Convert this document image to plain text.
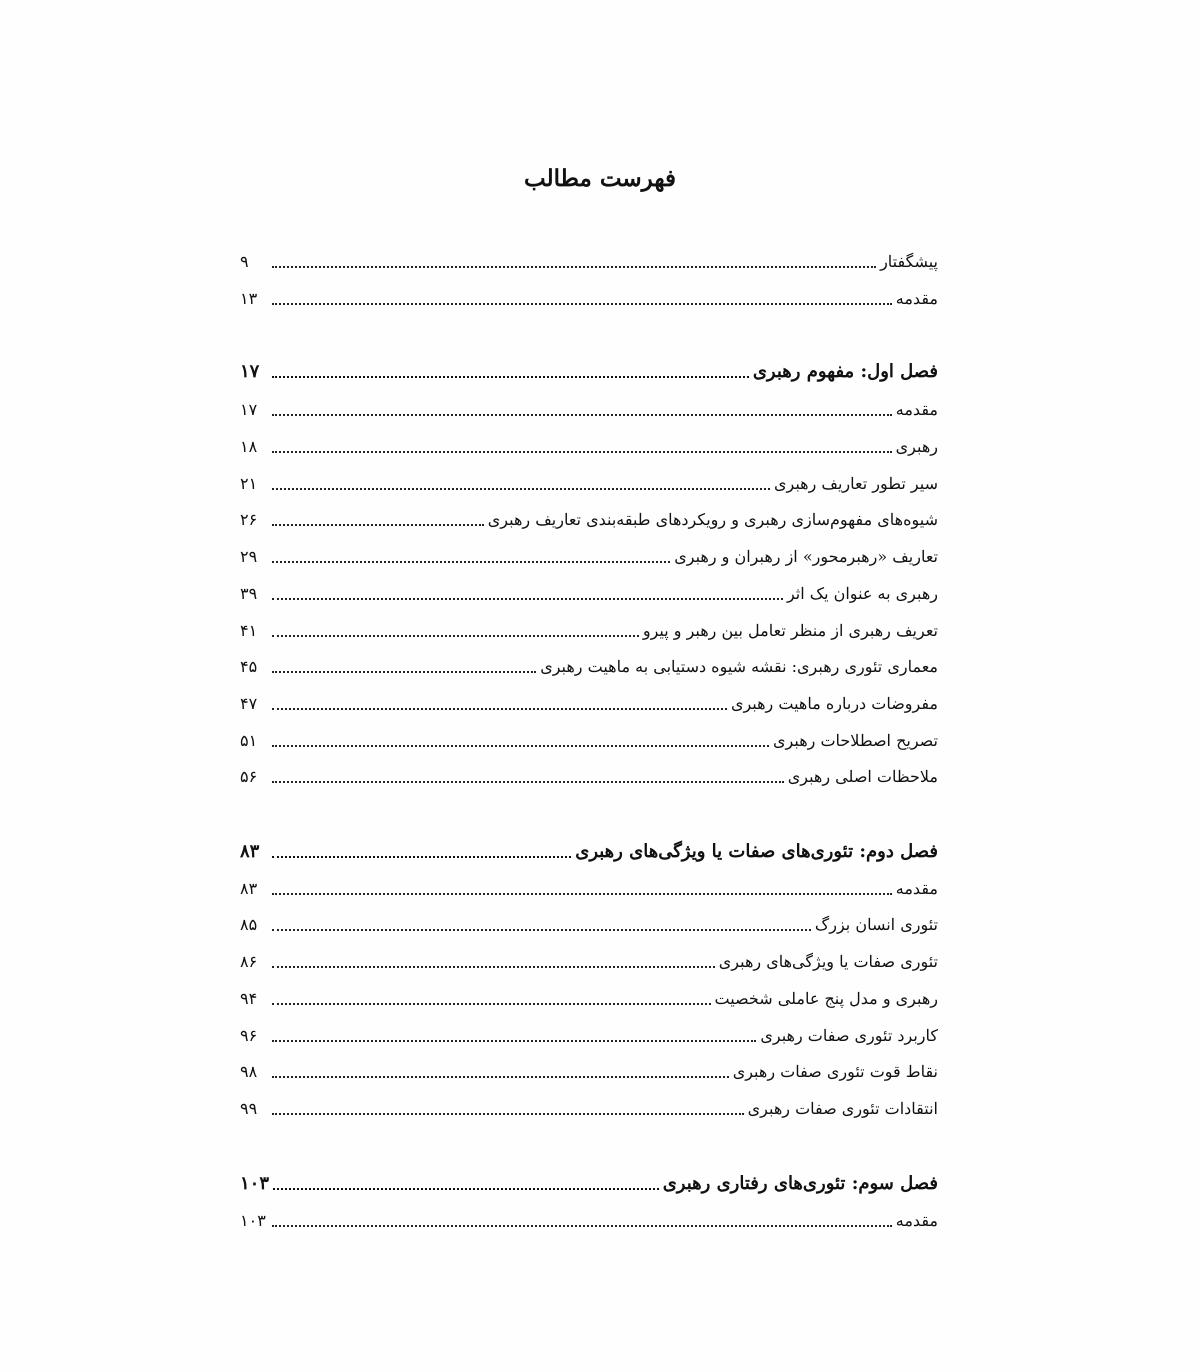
فهرست مطالب
پیشگفتار
۹
مقدمه
۱۳
فصل اول: مفهوم رهبری
۱۷
مقدمه
۱۷
رهبری
۱۸
سیر تطور تعاریف رهبری
۲۱
شیوه‌های مفهوم‌سازی رهبری و رویکردهای طبقه‌بندی تعاریف رهبری
۲۶
تعاریف «رهبرمحور» از رهبران و رهبری
۲۹
رهبری به عنوان یک اثر
۳۹
تعریف رهبری از منظر تعامل بین رهبر و پیرو
۴۱
معماری تئوری رهبری: نقشه شیوه دستیابی به ماهیت رهبری
۴۵
مفروضات درباره ماهیت رهبری
۴۷
تصریح اصطلاحات رهبری
۵۱
ملاحظات اصلی رهبری
۵۶
فصل دوم: تئوری‌های صفات یا ویژگی‌های رهبری
۸۳
مقدمه
۸۳
تئوری انسان بزرگ
۸۵
تئوری صفات یا ویژگی‌های رهبری
۸۶
رهبری و مدل پنج عاملی شخصیت
۹۴
کاربرد تئوری صفات رهبری
۹۶
نقاط قوت تئوری صفات رهبری
۹۸
انتقادات تئوری صفات رهبری
۹۹
فصل سوم: تئوری‌های رفتاری رهبری
۱۰۳
مقدمه
۱۰۳
